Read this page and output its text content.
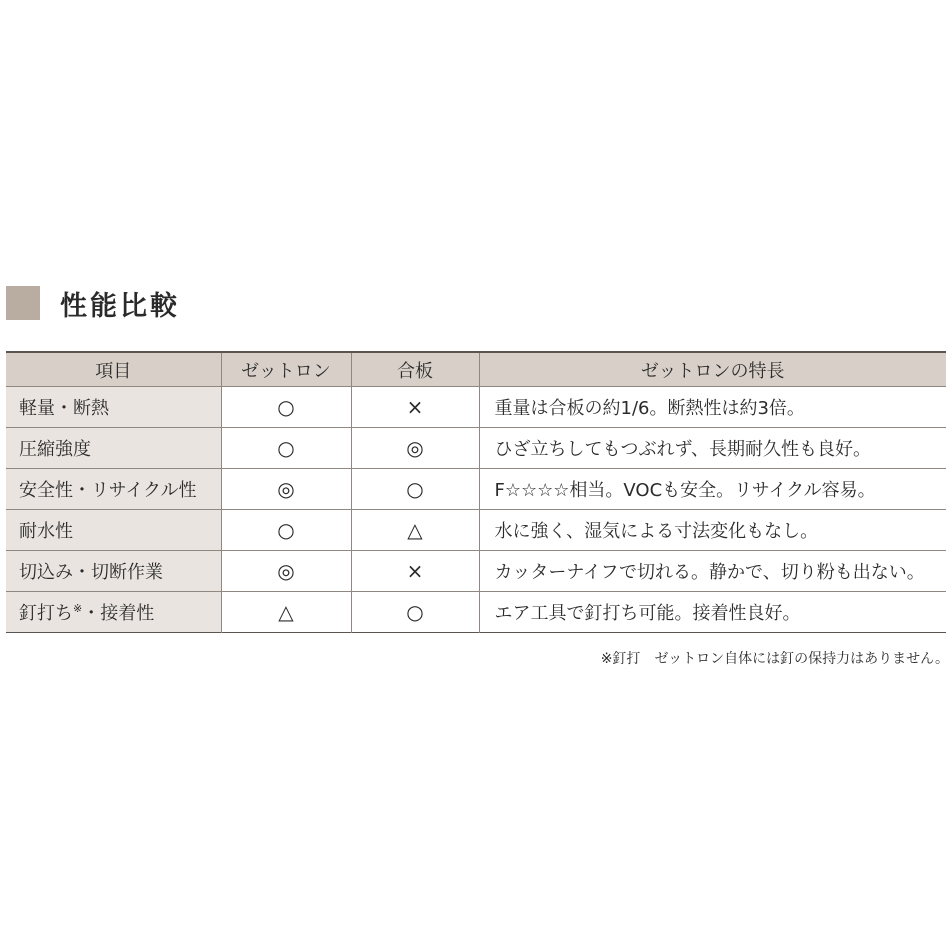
性能比較
項目	ゼットロン	合板	ゼットロンの特長
軽量・断熱	○	×	重量は合板の約1/6。断熱性は約3倍。
圧縮強度	○	◎	ひざ立ちしてもつぶれず、長期耐久性も良好。
安全性・リサイクル性	◎	○	F☆☆☆☆相当。VOCも安全。リサイクル容易。
耐水性	○	△	水に強く、湿気による寸法変化もなし。
切込み・切断作業	◎	×	カッターナイフで切れる。静かで、切り粉も出ない。
釘打ち※・接着性	△	○	エア工具で釘打ち可能。接着性良好。
※釘打 ゼットロン自体には釘の保持力はありません。
